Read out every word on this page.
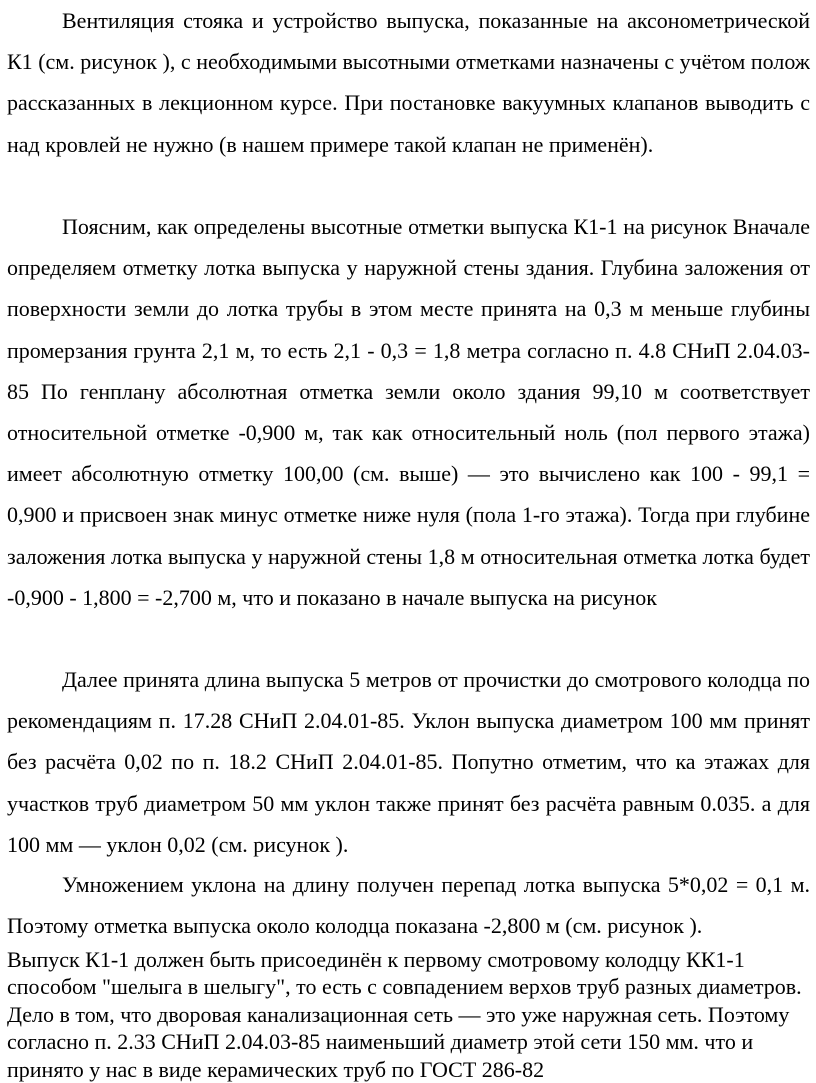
Вентиляция стояка и устройство выпуска, показанные на аксонометрической К1 (см. рисунок ), с необходимыми высотными отметками назначены с учётом полож рассказанных в лекционном курсе. При постановке вакуумных клапанов выводить с над кровлей не нужно (в нашем примере такой клапан не применён).

Поясним, как определены высотные отметки выпуска К1-1 на рисунок Вначале определяем отметку лотка выпуска у наружной стены здания. Глубина заложения от поверхности земли до лотка трубы в этом месте принята на 0,3 м меньше глубины промерзания грунта 2,1 м, то есть 2,1 - 0,3 = 1,8 метра согласно п. 4.8 СНиП 2.04.03-85 По генплану абсолютная отметка земли около здания 99,10 м соответствует относительной отметке -0,900 м, так как относительный ноль (пол первого этажа) имеет абсолютную отметку 100,00 (см. выше) — это вычислено как 100 - 99,1 = 0,900 и присвоен знак минус отметке ниже нуля (пола 1-го этажа). Тогда при глубине заложения лотка выпуска у наружной стены 1,8 м относительная отметка лотка будет -0,900 - 1,800 = -2,700 м, что и показано в начале выпуска на рисунок

Далее принята длина выпуска 5 метров от прочистки до смотрового колодца по рекомендациям п. 17.28 СНиП 2.04.01-85. Уклон выпуска диаметром 100 мм принят без расчёта 0,02 по п. 18.2 СНиП 2.04.01-85. Попутно отметим, что ка этажах для участков труб диаметром 50 мм уклон также принят без расчёта равным 0.035. а для 100 мм — уклон 0,02 (см. рисунок ).

Умножением уклона на длину получен перепад лотка выпуска 5*0,02 = 0,1 м. Поэтому отметка выпуска около колодца показана -2,800 м (см. рисунок ).

Выпуск К1-1 должен быть присоединён к первому смотровому колодцу КК1-1 способом "шелыга в шелыгу", то есть с совпадением верхов труб разных диаметров. Дело в том, что дворовая канализационная сеть — это уже наружная сеть. Поэтому согласно п. 2.33 СНиП 2.04.03-85 наименьший диаметр этой сети 150 мм. что и принято у нас в виде керамических труб по ГОСТ 286-82
